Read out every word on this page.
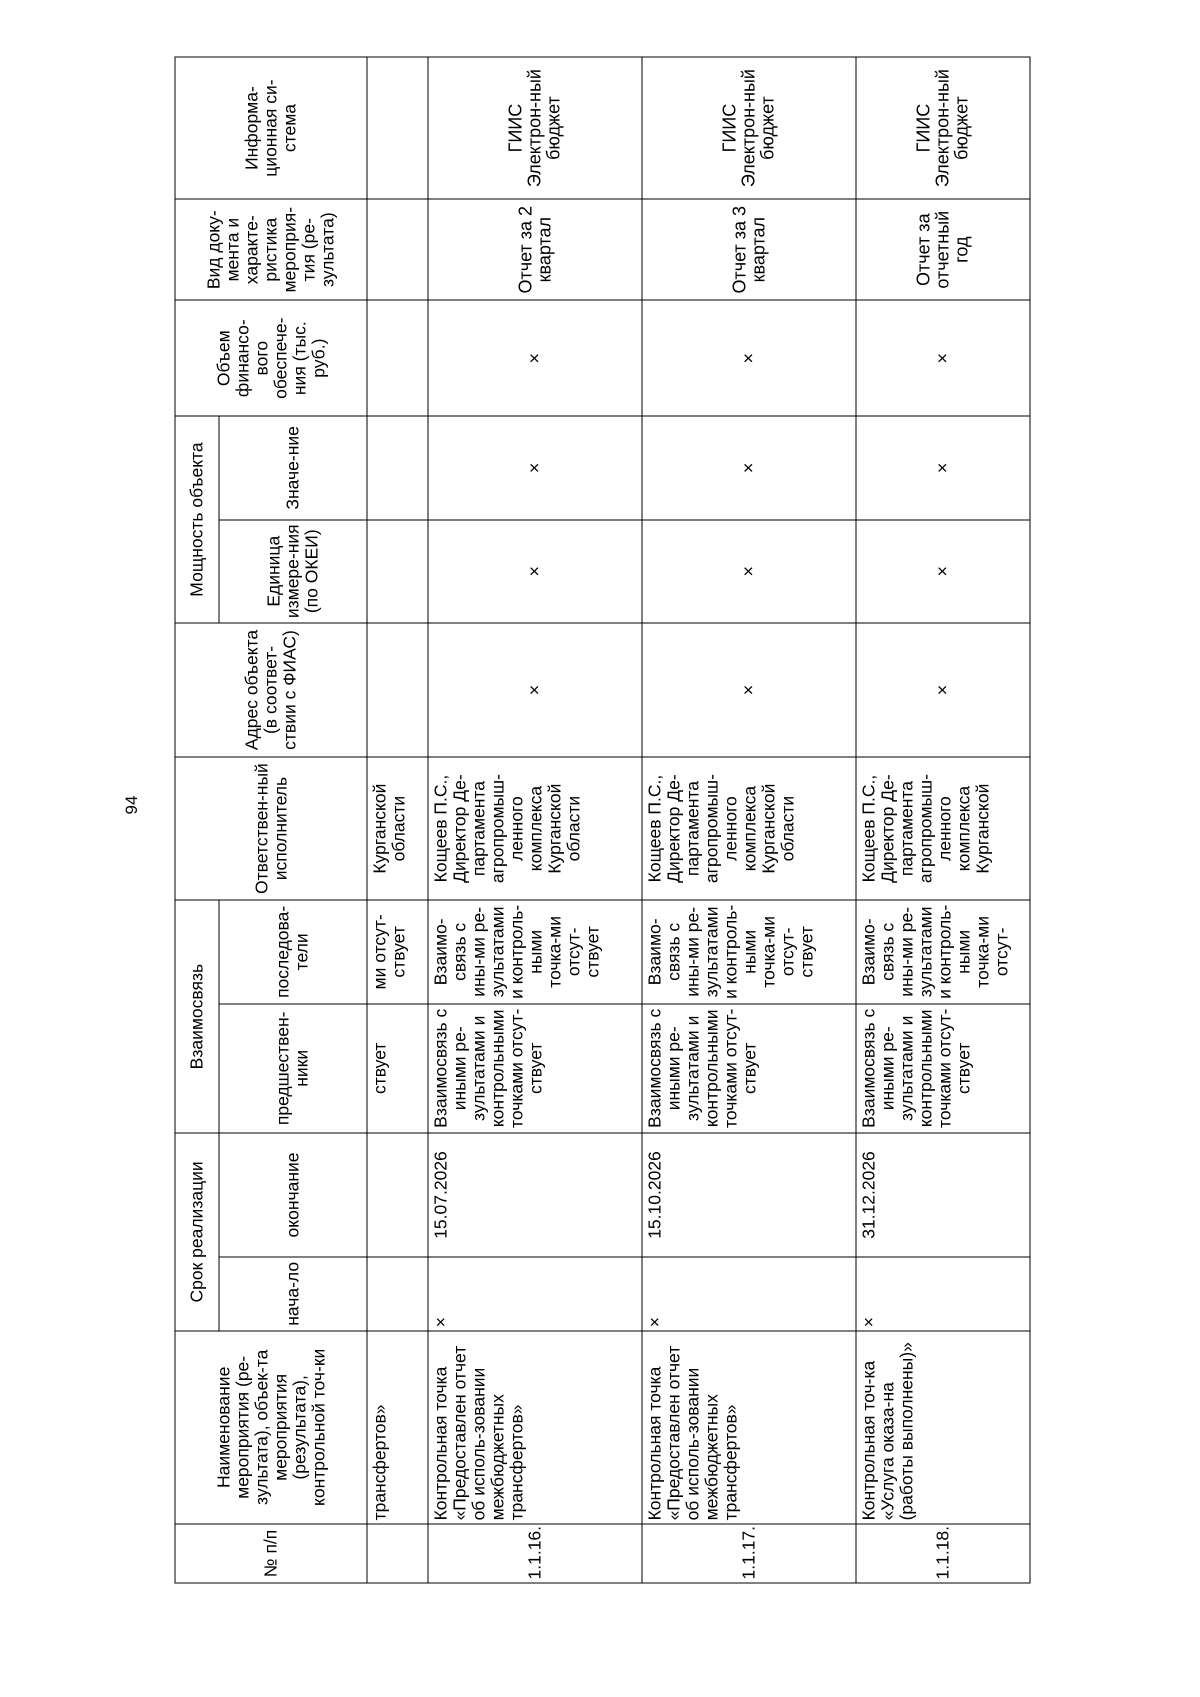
94
№ п/п	Наименование мероприятия (ре-зультата), объек-та мероприятия (результата), контрольной точ-ки	Срок реализации		Взаимосвязь		Ответствен-ный исполнитель	Адрес объекта (в соответ-ствии с ФИАС)	Мощность объекта		Объем финансо-вого обеспече-ния (тыс. руб.)	Вид доку-мента и характе-ристика мероприя-тия (ре-зультата)	Информа-ционная си-стема
		нача-ло	окончание	предшествен-ники	последова-тели			Единица измере-ния (по ОКЕИ)	Значе-ние			
	трансфертов»			ствует	ми отсут-ствует	Курганской области						
1.1.16.	Контрольная точка «Предоставлен отчет об исполь-зовании межбюджетных трансфертов»	×	15.07.2026	Взаимосвязь с иными ре-зультатами и контрольными точками отсут-ствует	Взаимо-связь с ины-ми ре-зультатами и контроль-ными точка-ми отсут-ствует	Кощеев П.С., Директор Де-партамента агропромыш-ленного комплекса Курганской области	×	×	×	×	Отчет за 2 квартал	ГИИС Электрон-ный бюджет
1.1.17.	Контрольная точка «Предоставлен отчет об исполь-зовании межбюджетных трансфертов»	×	15.10.2026	Взаимосвязь с иными ре-зультатами и контрольными точками отсут-ствует	Взаимо-связь с ины-ми ре-зультатами и контроль-ными точка-ми отсут-ствует	Кощеев П.С., Директор Де-партамента агропромыш-ленного комплекса Курганской области	×	×	×	×	Отчет за 3 квартал	ГИИС Электрон-ный бюджет
1.1.18.	Контрольная точ-ка «Услуга оказа-на (работы выполнены)»	×	31.12.2026	Взаимосвязь с иными ре-зультатами и контрольными точками отсут-ствует	Взаимо-связь с ины-ми ре-зультатами и контроль-ными точка-ми отсут-	Кощеев П.С., Директор Де-партамента агропромыш-ленного комплекса Курганской	×	×	×	×	Отчет за отчетный год	ГИИС Электрон-ный бюджет
